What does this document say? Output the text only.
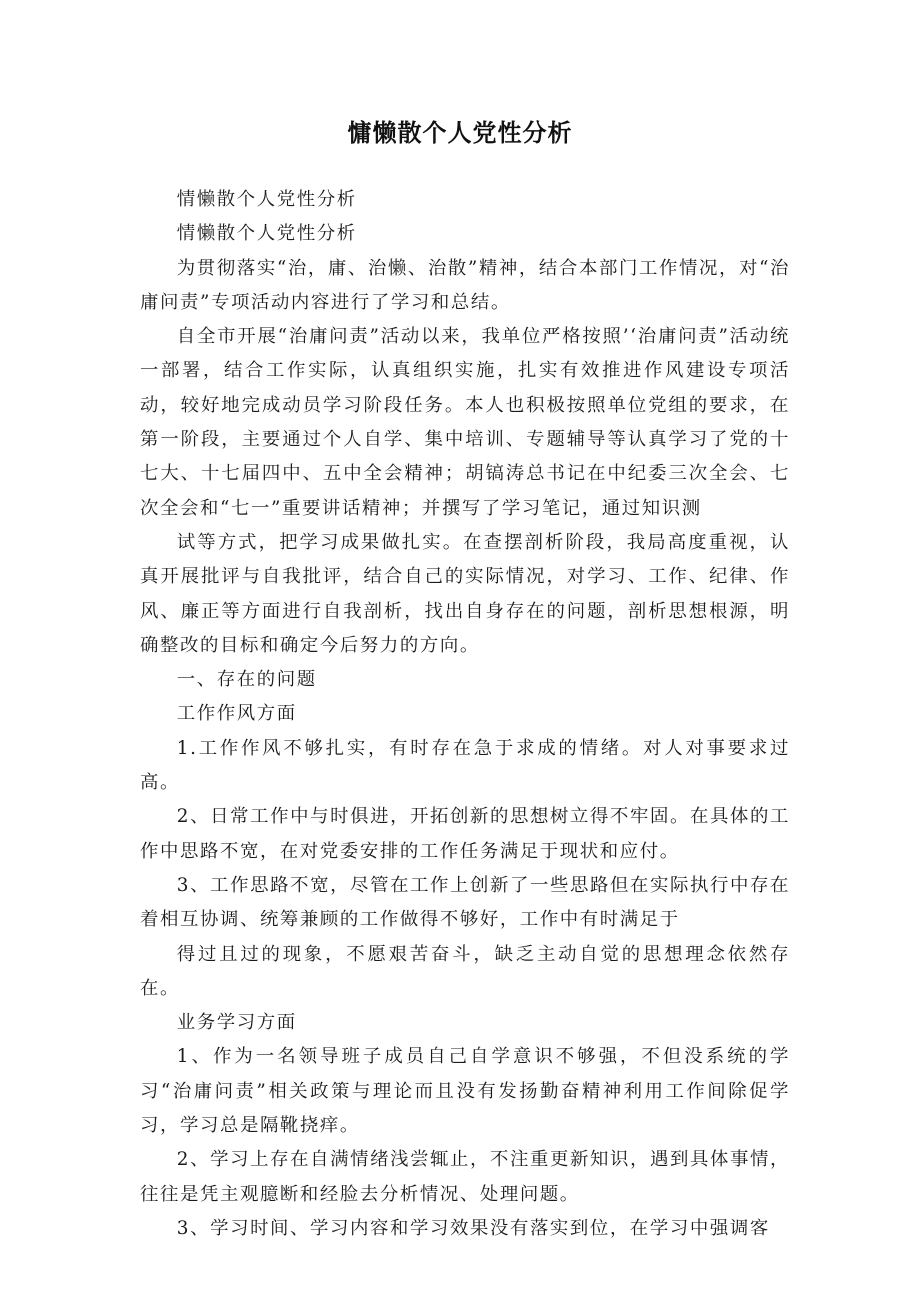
慵懒散个人党性分析

情懒散个人党性分析

情懒散个人党性分析

为贯彻落实“治，庸、治懒、治散”精神，结合本部门工作情况，对“治庸问责”专项活动内容进行了学习和总结。

自全市开展“治庸问责”活动以来，我单位严格按照’‘治庸问责”活动统一部署，结合工作实际，认真组织实施，扎实有效推进作风建设专项活动，较好地完成动员学习阶段任务。本人也积极按照单位党组的要求，在第一阶段，主要通过个人自学、集中培训、专题辅导等认真学习了党的十七大、十七届四中、五中全会精神；胡镐涛总书记在中纪委三次全会、七次全会和“七一”重要讲话精神；并撰写了学习笔记，通过知识测

试等方式，把学习成果做扎实。在查摆剖析阶段，我局高度重视，认真开展批评与自我批评，结合自己的实际情况，对学习、工作、纪律、作风、廉正等方面进行自我剖析，找出自身存在的问题，剖析思想根源，明确整改的目标和确定今后努力的方向。

一、存在的问题

工作作风方面

1.工作作风不够扎实，有时存在急于求成的情绪。对人对事要求过高。

2、日常工作中与时俱进，开拓创新的思想树立得不牢固。在具体的工作中思路不宽，在对党委安排的工作任务满足于现状和应付。

3、工作思路不宽，尽管在工作上创新了一些思路但在实际执行中存在着相互协调、统筹兼顾的工作做得不够好，工作中有时满足于

得过且过的现象，不愿艰苦奋斗，缺乏主动自觉的思想理念依然存在。

业务学习方面

1、作为一名领导班子成员自己自学意识不够强，不但没系统的学习“治庸问责”相关政策与理论而且没有发扬勤奋精神利用工作间除促学习，学习总是隔靴挠痒。

2、学习上存在自满情绪浅尝辄止，不注重更新知识，遇到具体事情，往往是凭主观臆断和经脸去分析情况、处理问题。

3、学习时间、学习内容和学习效果没有落实到位，在学习中强调客
